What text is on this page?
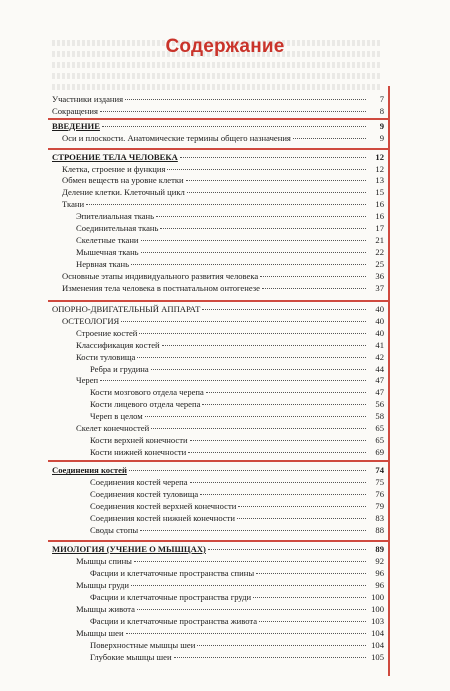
Содержание
Участники издания	7
Сокращения	8
ВВЕДЕНИЕ	9
Оси и плоскости. Анатомические термины общего назначения	9
СТРОЕНИЕ ТЕЛА ЧЕЛОВЕКА	12
Клетка, строение и функция	12
Обмен веществ на уровне клетки	13
Деление клетки. Клеточный цикл	15
Ткани	16
Эпителиальная ткань	16
Соединительная ткань	17
Скелетные ткани	21
Мышечная ткань	22
Нервная ткань	25
Основные этапы индивидуального развития человека	36
Изменения тела человека в постнатальном онтогенезе	37
ОПОРНО-ДВИГАТЕЛЬНЫЙ АППАРАТ	40
ОСТЕОЛОГИЯ	40
Строение костей	40
Классификация костей	41
Кости туловища	42
Ребра и грудина	44
Череп	47
Кости мозгового отдела черепа	47
Кости лицевого отдела черепа	56
Череп в целом	58
Скелет конечностей	65
Кости верхней конечности	65
Кости нижней конечности	69
Соединения костей	74
Соединения костей черепа	75
Соединения костей туловища	76
Соединения костей верхней конечности	79
Соединения костей нижней конечности	83
Своды стопы	88
МИОЛОГИЯ (УЧЕНИЕ О МЫШЦАХ)	89
Мышцы спины	92
Фасции и клетчаточные пространства спины	96
Мышцы груди	96
Фасции и клетчаточные пространства груди	100
Мышцы живота	100
Фасции и клетчаточные пространства живота	103
Мышцы шеи	104
Поверхностные мышцы шеи	104
Глубокие мышцы шеи	105
